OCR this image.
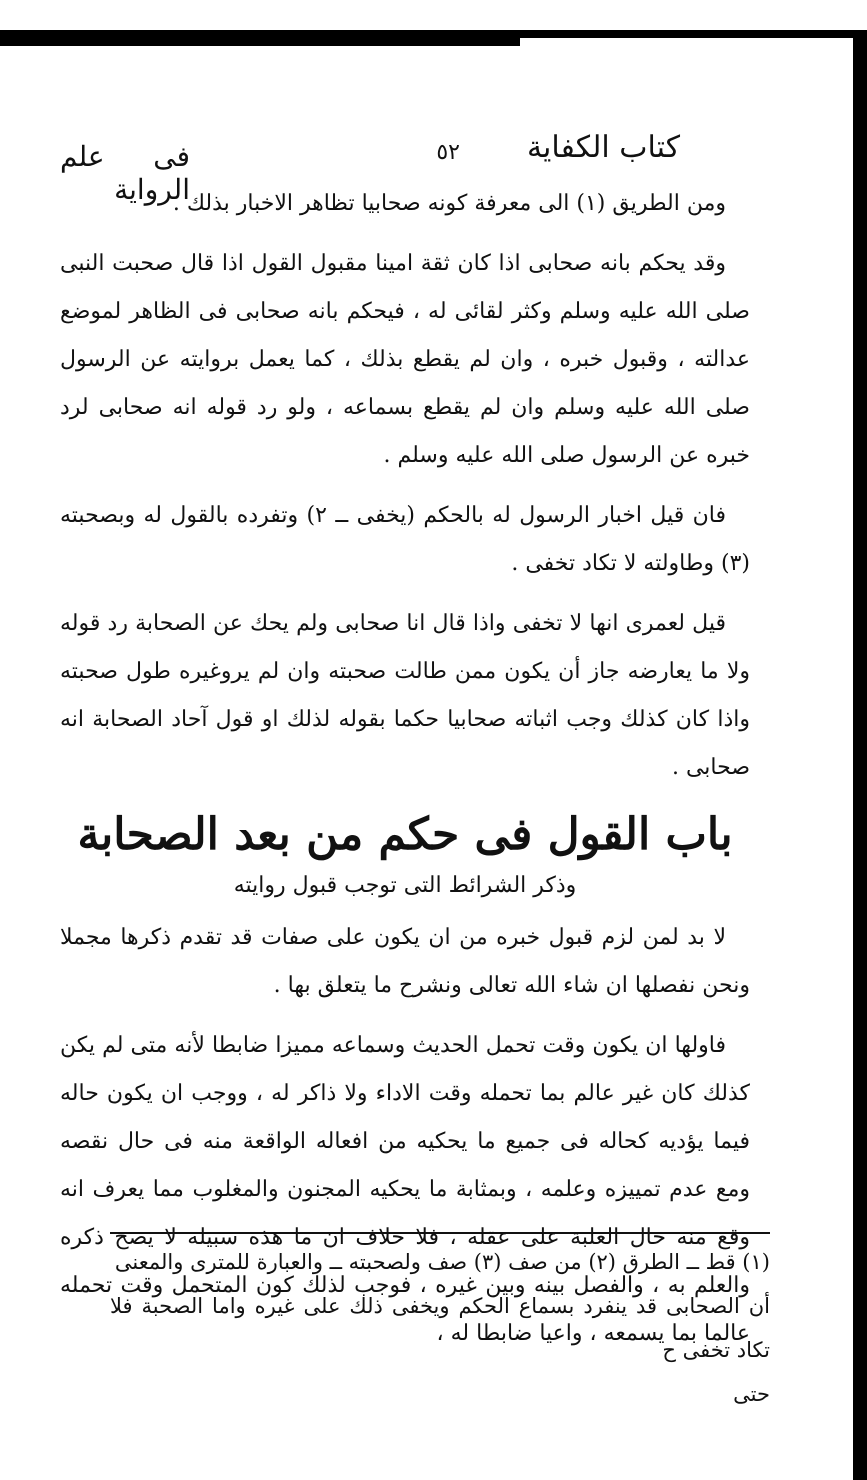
كتاب الكفاية
٥٢
فى علم الرواية

ومن الطريق (١) الى معرفة كونه صحابيا تظاهر الاخبار بذلك .

وقد يحكم بانه صحابى اذا كان ثقة امينا مقبول القول اذا قال صحبت النبى صلى الله عليه وسلم وكثر لقائى له ، فيحكم بانه صحابى فى الظاهر لموضع عدالته ، وقبول خبره ، وان لم يقطع بذلك ، كما يعمل بروايته عن الرسول صلى الله عليه وسلم وان لم يقطع بسماعه ، ولو رد قوله انه صحابى لرد خبره عن الرسول صلى الله عليه وسلم .

فان قيل اخبار الرسول له بالحكم (يخفى ــ ٢) وتفرده بالقول له وبصحبته (٣) وطاولته لا تكاد تخفى .

قيل لعمرى انها لا تخفى واذا قال انا صحابى ولم يحك عن الصحابة رد قوله ولا ما يعارضه جاز أن يكون ممن طالت صحبته وان لم يروغيره طول صحبته واذا كان كذلك وجب اثباته صحابيا حكما بقوله لذلك او قول آحاد الصحابة انه صحابى .

باب القول فى حكم من بعد الصحابة
وذكر الشرائط التى توجب قبول روايته

لا بد لمن لزم قبول خبره من ان يكون على صفات قد تقدم ذكرها مجملا ونحن نفصلها ان شاء الله تعالى ونشرح ما يتعلق بها .

فاولها ان يكون وقت تحمل الحديث وسماعه مميزا ضابطا لأنه متى لم يكن كذلك كان غير عالم بما تحمله وقت الاداء ولا ذاكر له ، ووجب ان يكون حاله فيما يؤديه كحاله فى جميع ما يحكيه من افعاله الواقعة منه فى حال نقصه ومع عدم تمييزه وعلمه ، وبمثابة ما يحكيه المجنون والمغلوب مما يعرف انه وقع منه حال الغلبة على عقله ، فلا خلاف ان ما هذه سبيله لا يصح ذكره والعلم به ، والفصل بينه وبين غيره ، فوجب لذلك كون المتحمل وقت تحمله عالما بما يسمعه ، واعيا ضابطا له ،

(١) قط ــ الطرق (٢) من صف (٣) صف ولصحبته ــ والعبارة للمترى والمعنى

أن الصحابى قد ينفرد بسماع الحكم ويخفى ذلك على غيره واما الصحبة فلا تكاد تخفى ح

حتى
